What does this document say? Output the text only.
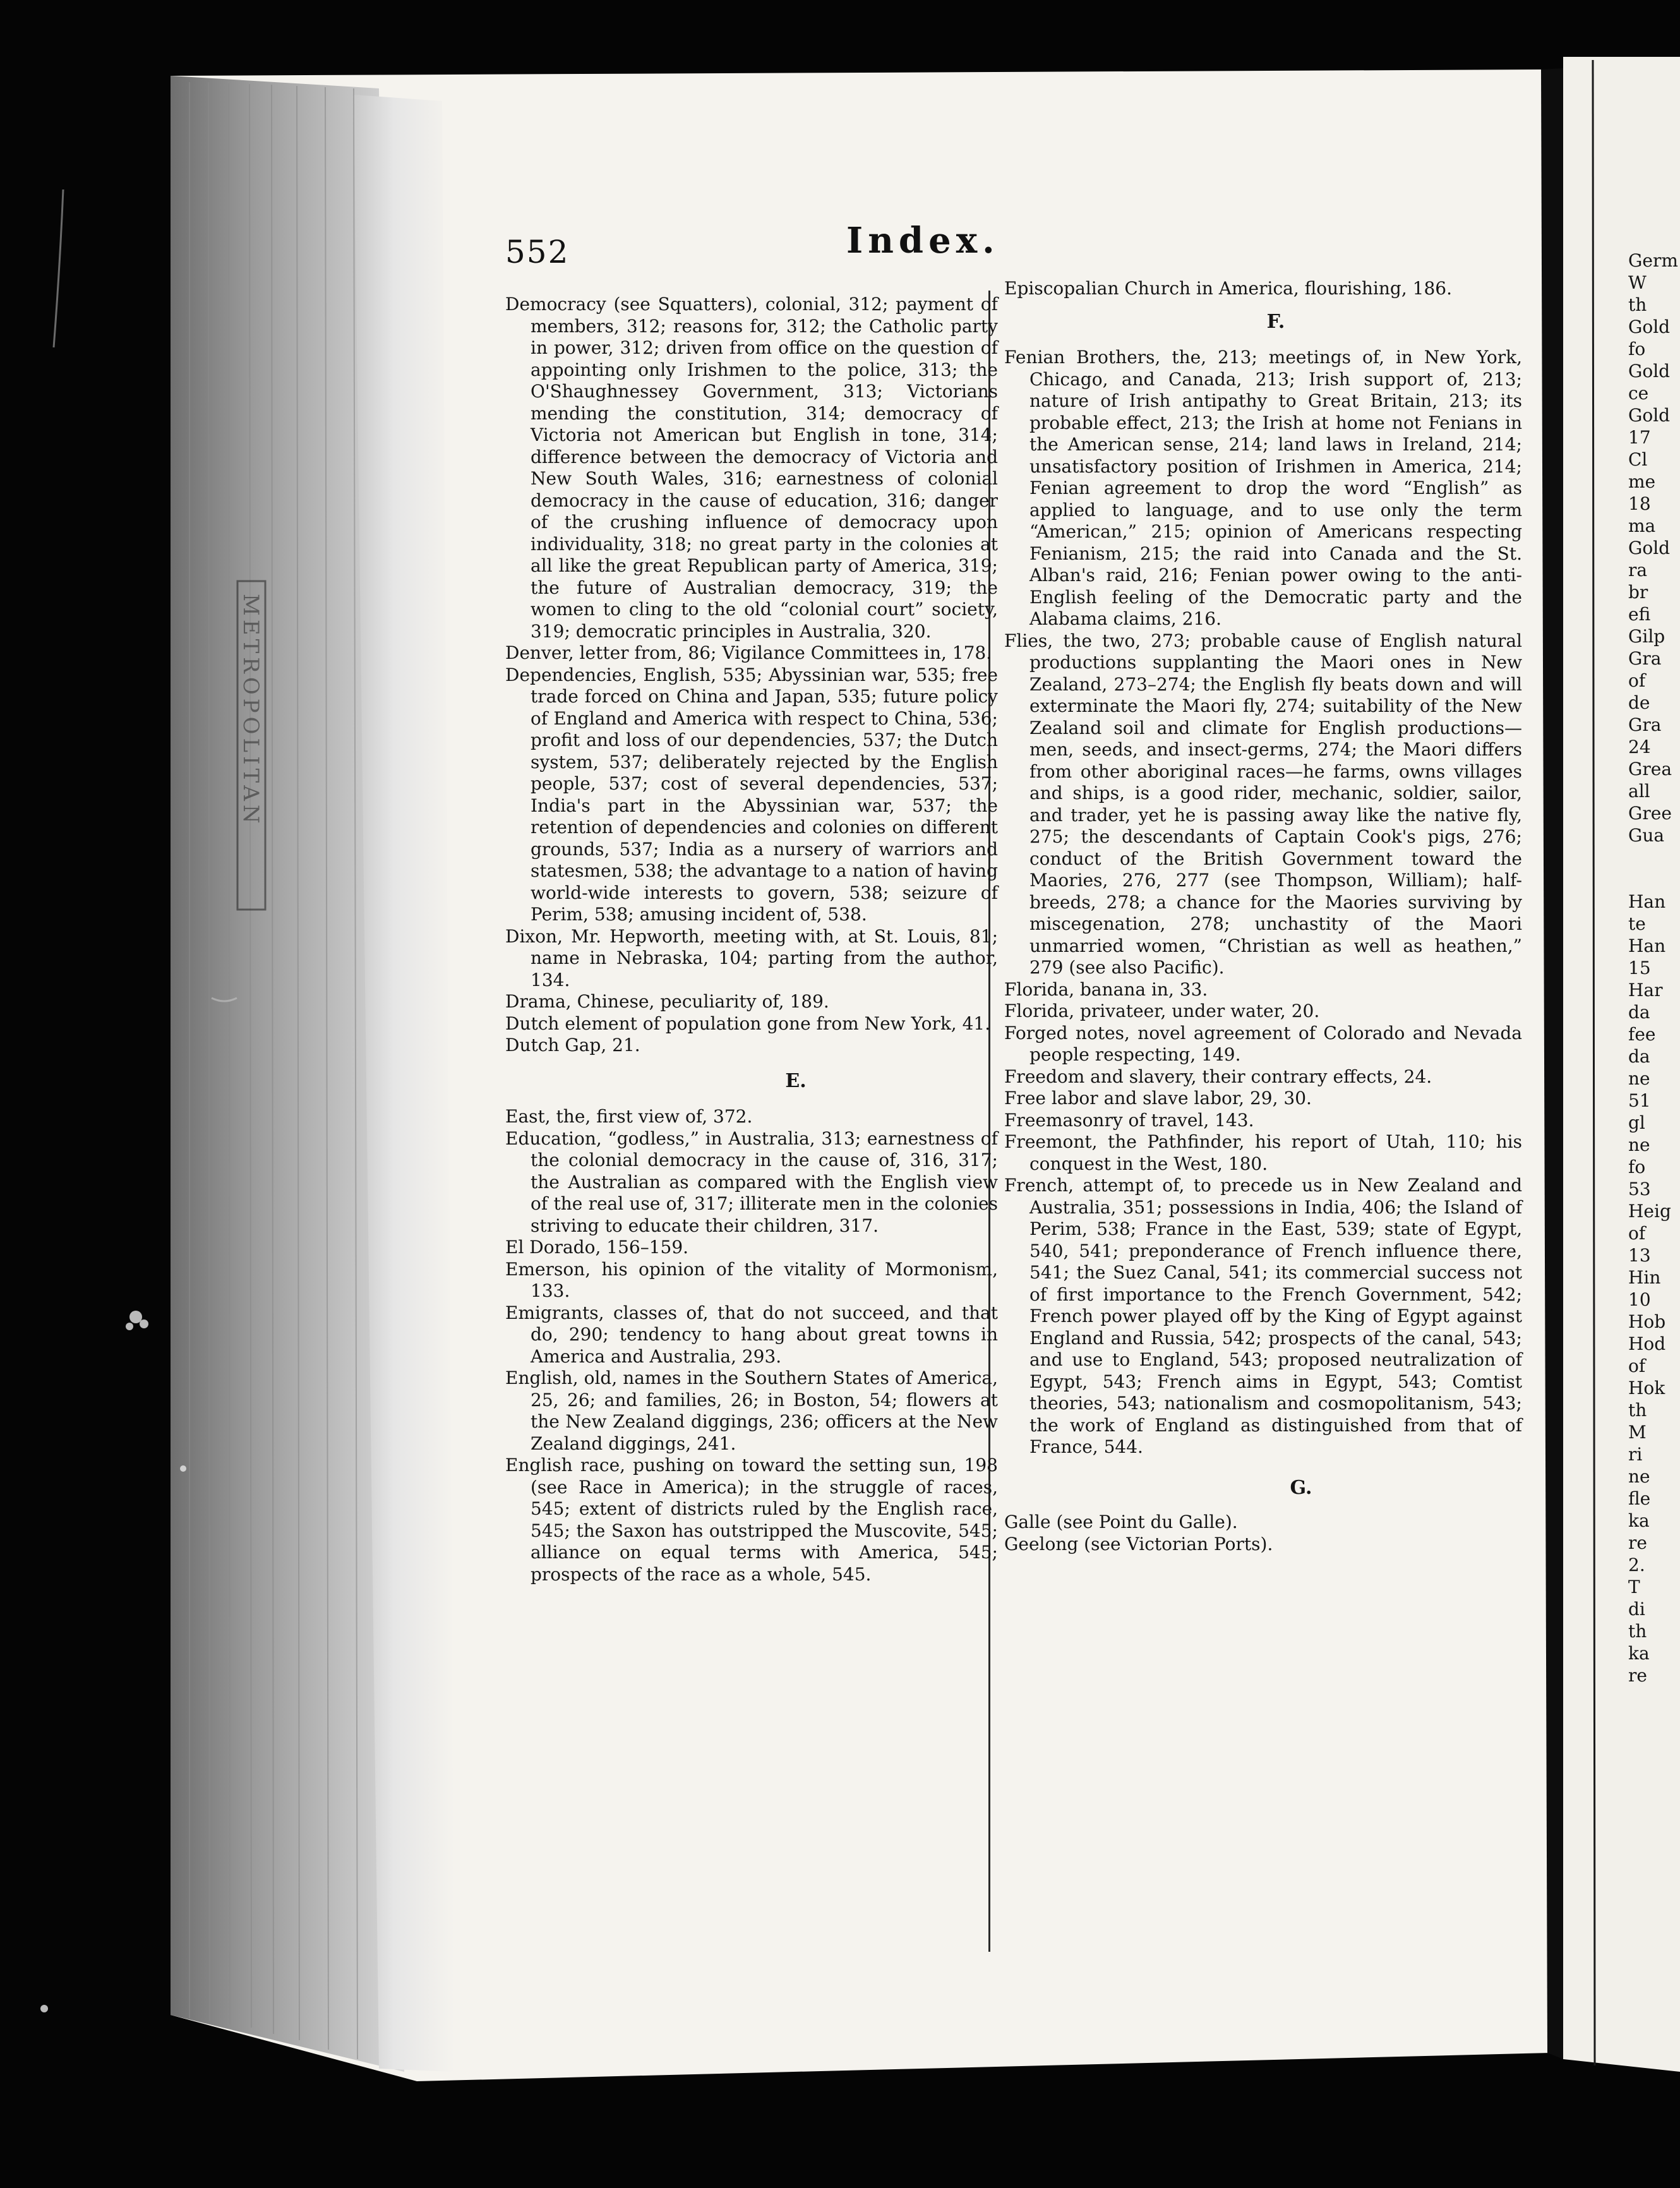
METROPOLITAN
552	Index.

Democracy (see Squatters), colonial, 312; payment of members, 312; reasons for, 312; the Catholic party in power, 312; driven from office on the question of appointing only Irishmen to the police, 313; the O'Shaughnessey Government, 313; Victorians mending the constitution, 314; democracy of Victoria not American but English in tone, 314; difference between the democracy of Victoria and New South Wales, 316; earnestness of colonial democracy in the cause of education, 316; danger of the crushing influence of democracy upon individuality, 318; no great party in the colonies at all like the great Republican party of America, 319; the future of Australian democracy, 319; the women to cling to the old “colonial court” society, 319; democratic principles in Australia, 320.

Denver, letter from, 86; Vigilance Committees in, 178.

Dependencies, English, 535; Abyssinian war, 535; free trade forced on China and Japan, 535; future policy of England and America with respect to China, 536; profit and loss of our dependencies, 537; the Dutch system, 537; deliberately rejected by the English people, 537; cost of several dependencies, 537; India's part in the Abyssinian war, 537; the retention of dependencies and colonies on different grounds, 537; India as a nursery of warriors and statesmen, 538; the advantage to a nation of having world-wide interests to govern, 538; seizure of Perim, 538; amusing incident of, 538.

Dixon, Mr. Hepworth, meeting with, at St. Louis, 81; name in Nebraska, 104; parting from the author, 134.

Drama, Chinese, peculiarity of, 189.

Dutch element of population gone from New York, 41.

Dutch Gap, 21.

E.

East, the, first view of, 372.

Education, “godless,” in Australia, 313; earnestness of the colonial democracy in the cause of, 316, 317; the Australian as compared with the English view of the real use of, 317; illiterate men in the colonies striving to educate their children, 317.

El Dorado, 156–159.

Emerson, his opinion of the vitality of Mormonism, 133.

Emigrants, classes of, that do not succeed, and that do, 290; tendency to hang about great towns in America and Australia, 293.

English, old, names in the Southern States of America, 25, 26; and families, 26; in Boston, 54; flowers at the New Zealand diggings, 236; officers at the New Zealand diggings, 241.

English race, pushing on toward the setting sun, 198 (see Race in America); in the struggle of races, 545; extent of districts ruled by the English race, 545; the Saxon has outstripped the Muscovite, 545; alliance on equal terms with America, 545; prospects of the race as a whole, 545.

Episcopalian Church in America, flourishing, 186.

F.

Fenian Brothers, the, 213; meetings of, in New York, Chicago, and Canada, 213; Irish support of, 213; nature of Irish antipathy to Great Britain, 213; its probable effect, 213; the Irish at home not Fenians in the American sense, 214; land laws in Ireland, 214; unsatisfactory position of Irishmen in America, 214; Fenian agreement to drop the word “English” as applied to language, and to use only the term “American,” 215; opinion of Americans respecting Fenianism, 215; the raid into Canada and the St. Alban's raid, 216; Fenian power owing to the anti-English feeling of the Democratic party and the Alabama claims, 216.

Flies, the two, 273; probable cause of English natural productions supplanting the Maori ones in New Zealand, 273–274; the English fly beats down and will exterminate the Maori fly, 274; suitability of the New Zealand soil and climate for English productions—men, seeds, and insect-germs, 274; the Maori differs from other aboriginal races—he farms, owns villages and ships, is a good rider, mechanic, soldier, sailor, and trader, yet he is passing away like the native fly, 275; the descendants of Captain Cook's pigs, 276; conduct of the British Government toward the Maories, 276, 277 (see Thompson, William); half-breeds, 278; a chance for the Maories surviving by miscegenation, 278; unchastity of the Maori unmarried women, “Christian as well as heathen,” 279 (see also Pacific).

Florida, banana in, 33.

Florida, privateer, under water, 20.

Forged notes, novel agreement of Colorado and Nevada people respecting, 149.

Freedom and slavery, their contrary effects, 24.

Free labor and slave labor, 29, 30.

Freemasonry of travel, 143.

Freemont, the Pathfinder, his report of Utah, 110; his conquest in the West, 180.

French, attempt of, to precede us in New Zealand and Australia, 351; possessions in India, 406; the Island of Perim, 538; France in the East, 539; state of Egypt, 540, 541; preponderance of French influence there, 541; the Suez Canal, 541; its commercial success not of first importance to the French Government, 542; French power played off by the King of Egypt against England and Russia, 542; prospects of the canal, 543; and use to England, 543; proposed neutralization of Egypt, 543; French aims in Egypt, 543; Comtist theories, 543; nationalism and cosmopolitanism, 543; the work of England as distinguished from that of France, 544.

G.

Galle (see Point du Galle).

Geelong (see Victorian Ports).

Germ
W
th
Gold
fo
Gold
ce
Gold
17
Cl
me
18
ma
Gold
ra
br
efi
Gilp
Gra
of
de
Gra
24
Grea
all
Gree
Gua

Han
te
Han
15
Har
da
fee
da
ne
51
gl
ne
fo
53
Heig
of
13
Hin
10
Hob
Hod
of
Hok
th
M
ri
ne
fle
ka
re
2.
T
di
th
ka
re
